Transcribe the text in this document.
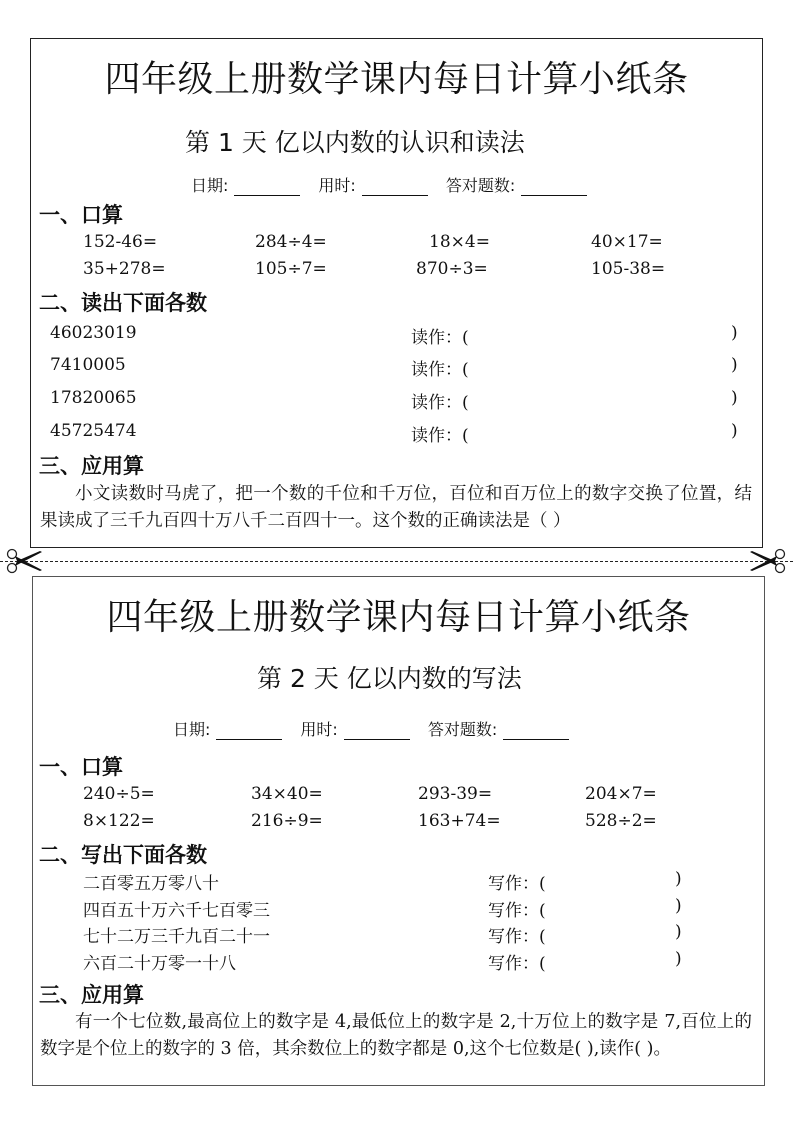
四年级上册数学课内每日计算小纸条
第 1 天 亿以内数的认识和读法
日期:	用时:	答对题数:
一、口算
152-46=	284÷4=	18×4=	40×17=
35+278=	105÷7=	870÷3=	105-38=
二、读出下面各数
46023019	读作：(	)
7410005	读作：(	)
17820065	读作：(	)
45725474	读作：(	)
三、应用算
小文读数时马虎了，把一个数的千位和千万位，百位和百万位上的数字交换了位置，结果读成了三千九百四十万八千二百四十一。这个数的正确读法是（ ）
四年级上册数学课内每日计算小纸条
第 2 天 亿以内数的写法
日期:	用时:	答对题数:
一、口算
240÷5=	34×40=	293-39=	204×7=
8×122=	216÷9=	163+74=	528÷2=
二、写出下面各数
二百零五万零八十	写作：(	)
四百五十万六千七百零三	写作：(	)
七十二万三千九百二十一	写作：(	)
六百二十万零一十八	写作：(	)
三、应用算
有一个七位数,最高位上的数字是 4,最低位上的数字是 2,十万位上的数字是 7,百位上的数字是个位上的数字的 3 倍，其余数位上的数字都是 0,这个七位数是( ),读作( )。
